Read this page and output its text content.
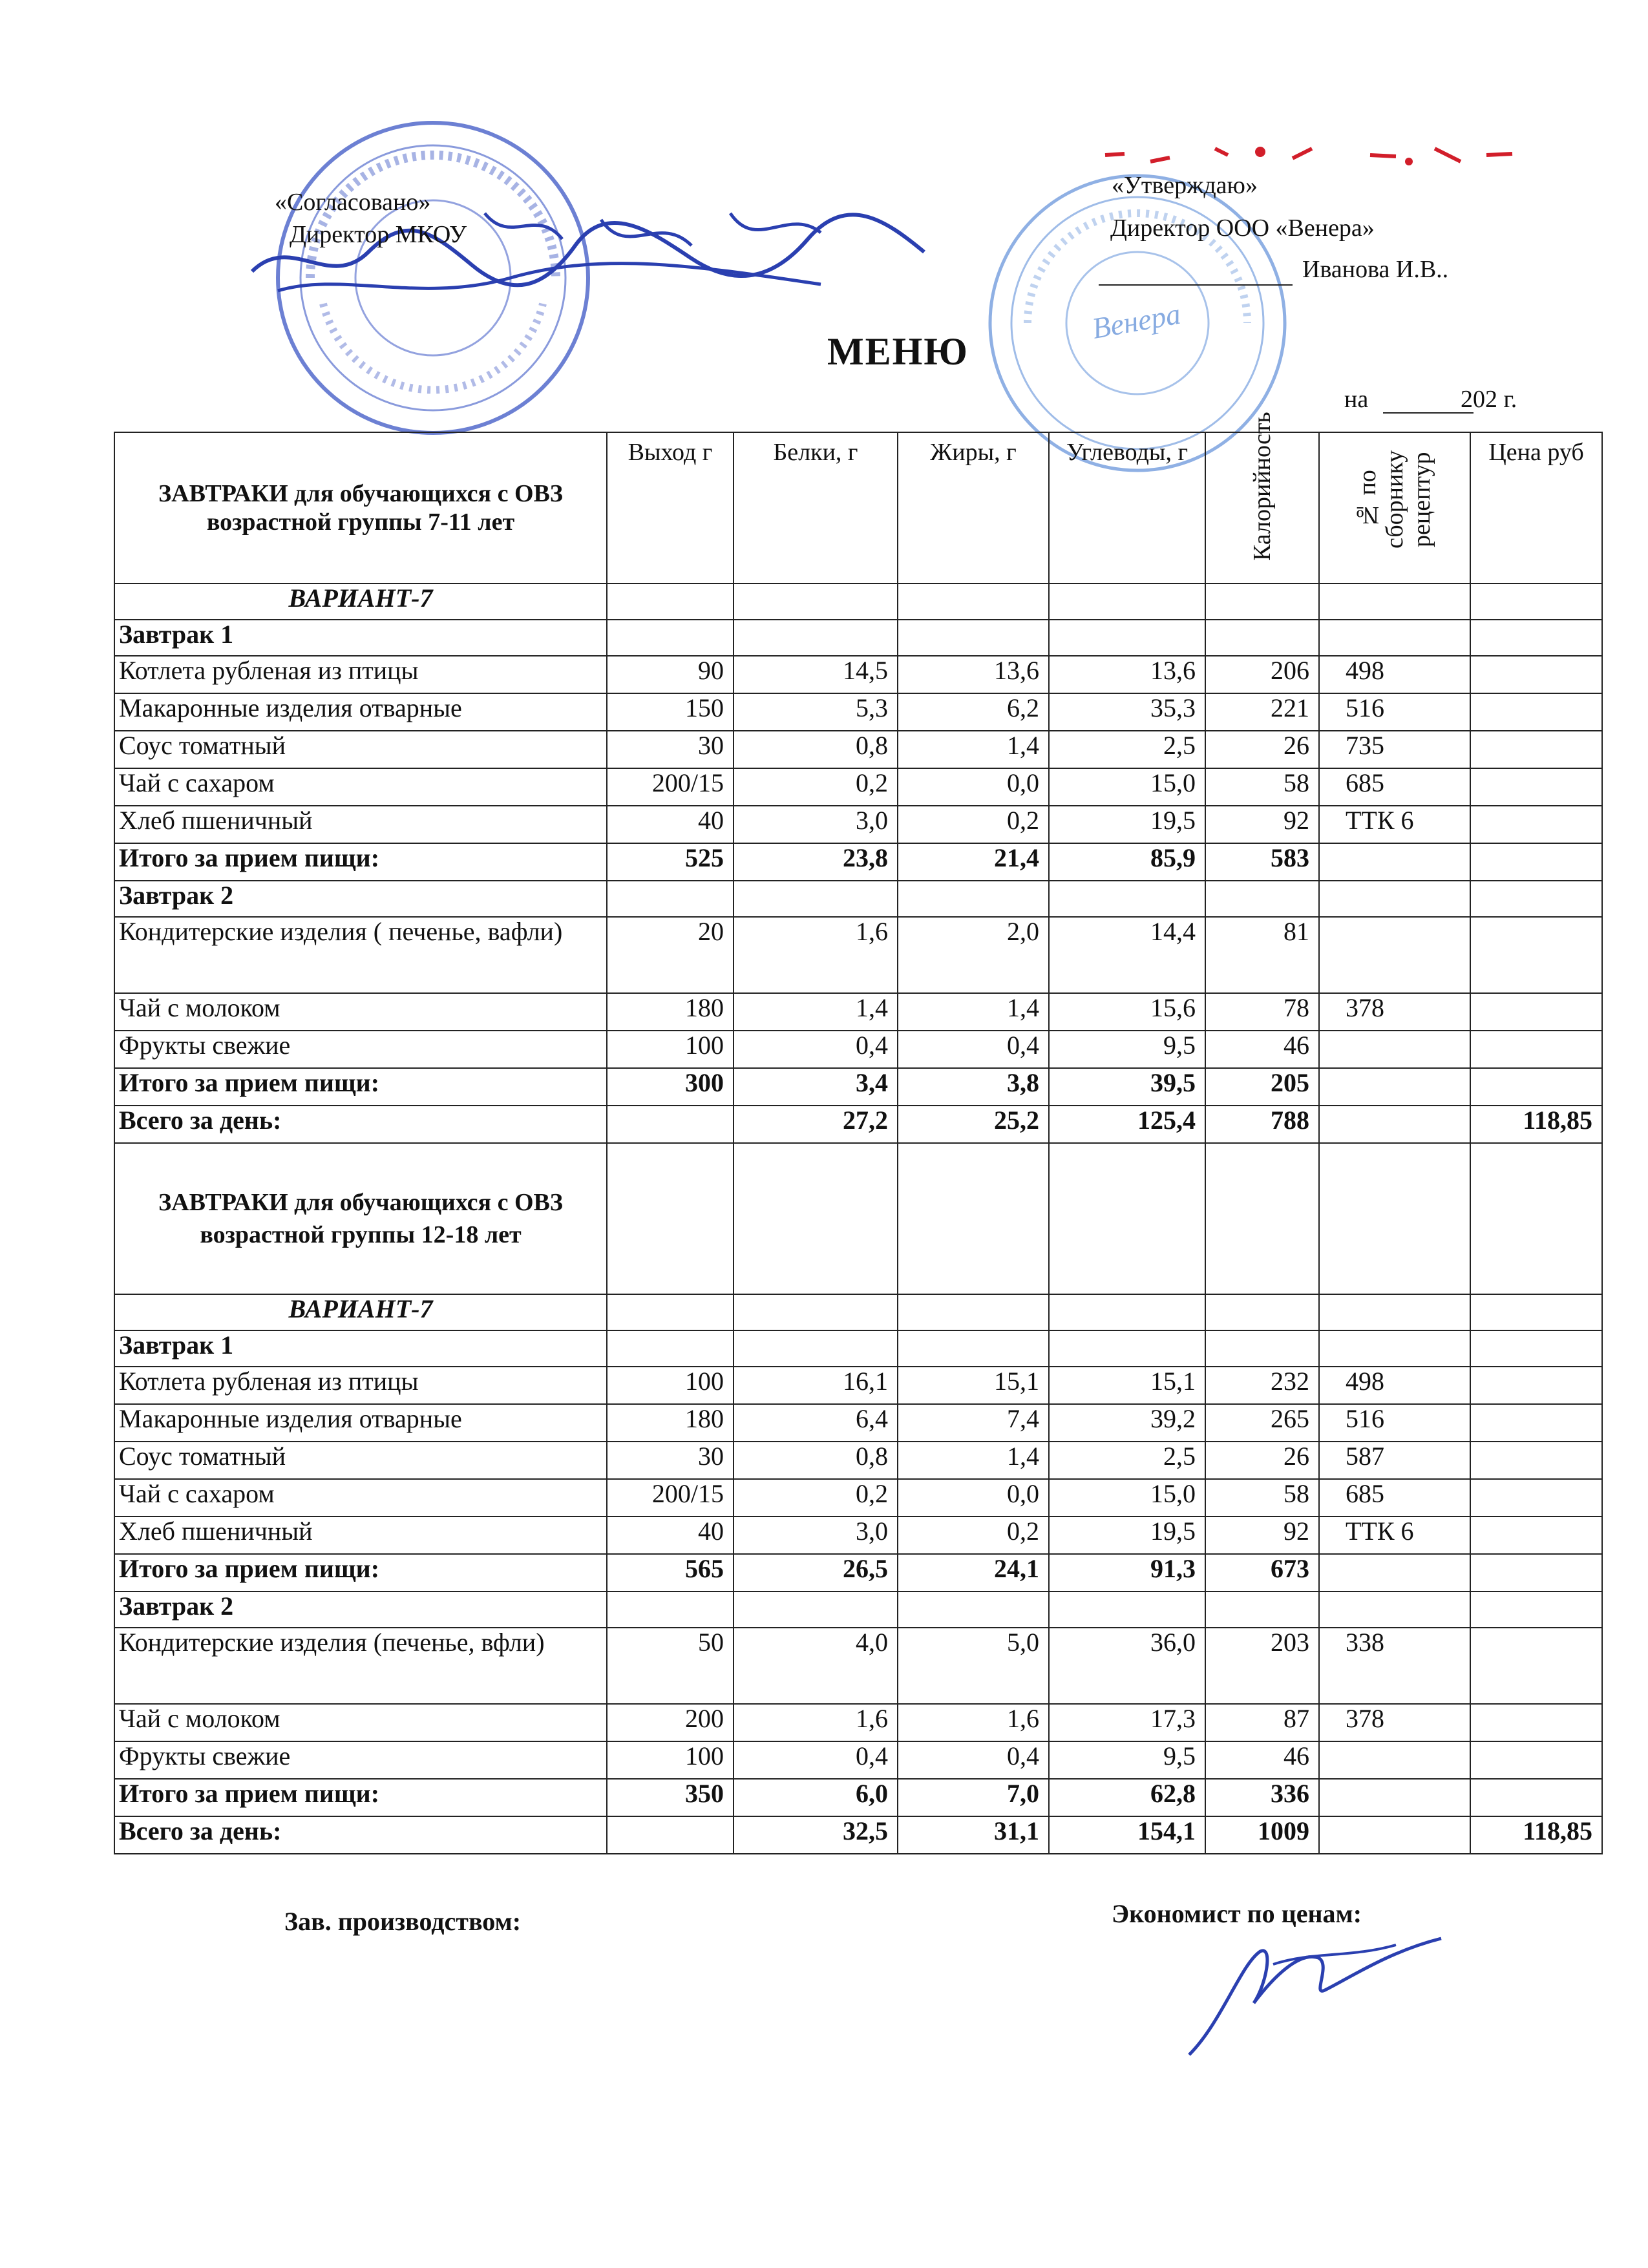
Венера
«Согласовано»
Директор МКОУ
«Утверждаю»
Директор ООО «Венера»
Иванова И.В..
МЕНЮ
на	202 г.
ЗАВТРАКИ для обучающихся с ОВЗ возрастной группы 7-11 лет	Выход г	Белки, г	Жиры, г	Углеводы, г	Калорийность	№ по сборнику рецептур	Цена руб
ВАРИАНТ-7							
Завтрак 1							
Котлета рубленая из птицы	90	14,5	13,6	13,6	206	498	
Макаронные изделия отварные	150	5,3	6,2	35,3	221	516	
Соус томатный	30	0,8	1,4	2,5	26	735	
Чай с сахаром	200/15	0,2	0,0	15,0	58	685	
Хлеб пшеничный	40	3,0	0,2	19,5	92	ТТК 6	
Итого за прием пищи:	525	23,8	21,4	85,9	583		
Завтрак 2							
Кондитерские изделия ( печенье, вафли)	20	1,6	2,0	14,4	81		
Чай с молоком	180	1,4	1,4	15,6	78	378	
Фрукты свежие	100	0,4	0,4	9,5	46		
Итого за прием пищи:	300	3,4	3,8	39,5	205		
Всего за день:		27,2	25,2	125,4	788		118,85
ЗАВТРАКИ для обучающихся с ОВЗ возрастной группы 12-18 лет							
ВАРИАНТ-7							
Завтрак 1							
Котлета рубленая из птицы	100	16,1	15,1	15,1	232	498	
Макаронные изделия отварные	180	6,4	7,4	39,2	265	516	
Соус томатный	30	0,8	1,4	2,5	26	587	
Чай с сахаром	200/15	0,2	0,0	15,0	58	685	
Хлеб пшеничный	40	3,0	0,2	19,5	92	ТТК 6	
Итого за прием пищи:	565	26,5	24,1	91,3	673		
Завтрак 2							
Кондитерские изделия (печенье, вфли)	50	4,0	5,0	36,0	203	338	
Чай с молоком	200	1,6	1,6	17,3	87	378	
Фрукты свежие	100	0,4	0,4	9,5	46		
Итого за прием пищи:	350	6,0	7,0	62,8	336		
Всего за день:		32,5	31,1	154,1	1009		118,85
Зав. производством:	Экономист по ценам:
